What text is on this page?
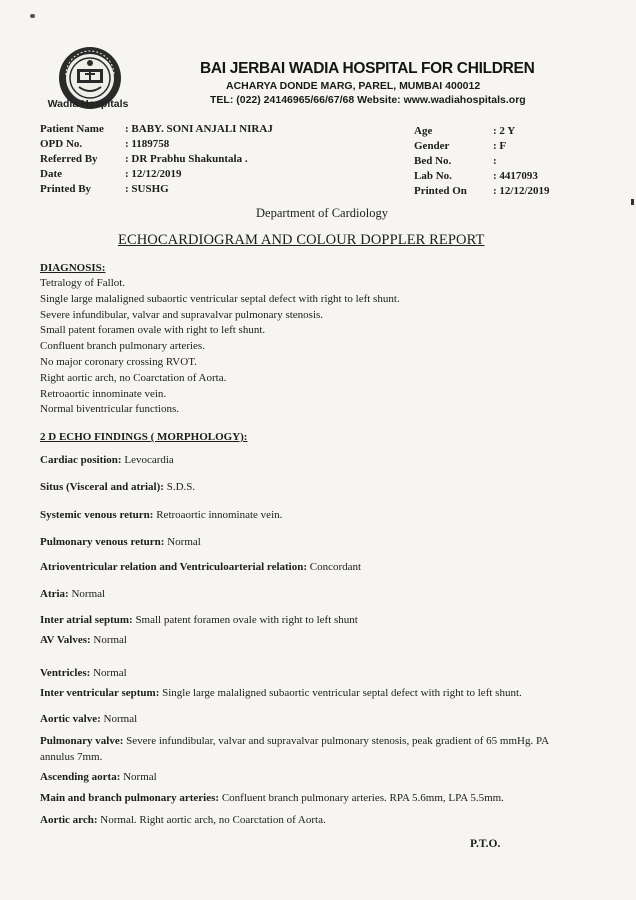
Wadia Hospitals
BAI JERBAI WADIA HOSPITAL FOR CHILDREN
ACHARYA DONDE MARG, PAREL, MUMBAI 400012
TEL: (022) 24146965/66/67/68 Website: www.wadiahospitals.org
Patient Name	: BABY. SONI ANJALI NIRAJ
OPD No.	: 1189758
Referred By	: DR Prabhu Shakuntala .
Date	: 12/12/2019
Printed By	: SUSHG
Age	: 2 Y
Gender	: F
Bed No.	:
Lab No.	: 4417093
Printed On	: 12/12/2019
Department of Cardiology
ECHOCARDIOGRAM AND COLOUR DOPPLER REPORT
DIAGNOSIS:
Tetralogy of Fallot.
Single large malaligned subaortic ventricular septal defect with right to left shunt.
Severe infundibular, valvar and supravalvar pulmonary stenosis.
Small patent foramen ovale with right to left shunt.
Confluent branch pulmonary arteries.
No major coronary crossing RVOT.
Right aortic arch, no Coarctation of Aorta.
Retroaortic innominate vein.
Normal biventricular functions.
2 D ECHO FINDINGS ( MORPHOLOGY):
Cardiac position: Levocardia
Situs (Visceral and atrial): S.D.S.
Systemic venous return: Retroaortic innominate vein.
Pulmonary venous return: Normal
Atrioventricular relation and Ventriculoarterial relation: Concordant
Atria: Normal
Inter atrial septum: Small patent foramen ovale with right to left shunt
AV Valves: Normal
Ventricles: Normal
Inter ventricular septum: Single large malaligned subaortic ventricular septal defect with right to left shunt.
Aortic valve: Normal
Pulmonary valve: Severe infundibular, valvar and supravalvar pulmonary stenosis, peak gradient of 65 mmHg. PA annulus 7mm.
Ascending aorta: Normal
Main and branch pulmonary arteries: Confluent branch pulmonary arteries. RPA 5.6mm, LPA 5.5mm.
Aortic arch: Normal. Right aortic arch, no Coarctation of Aorta.
P.T.O.
